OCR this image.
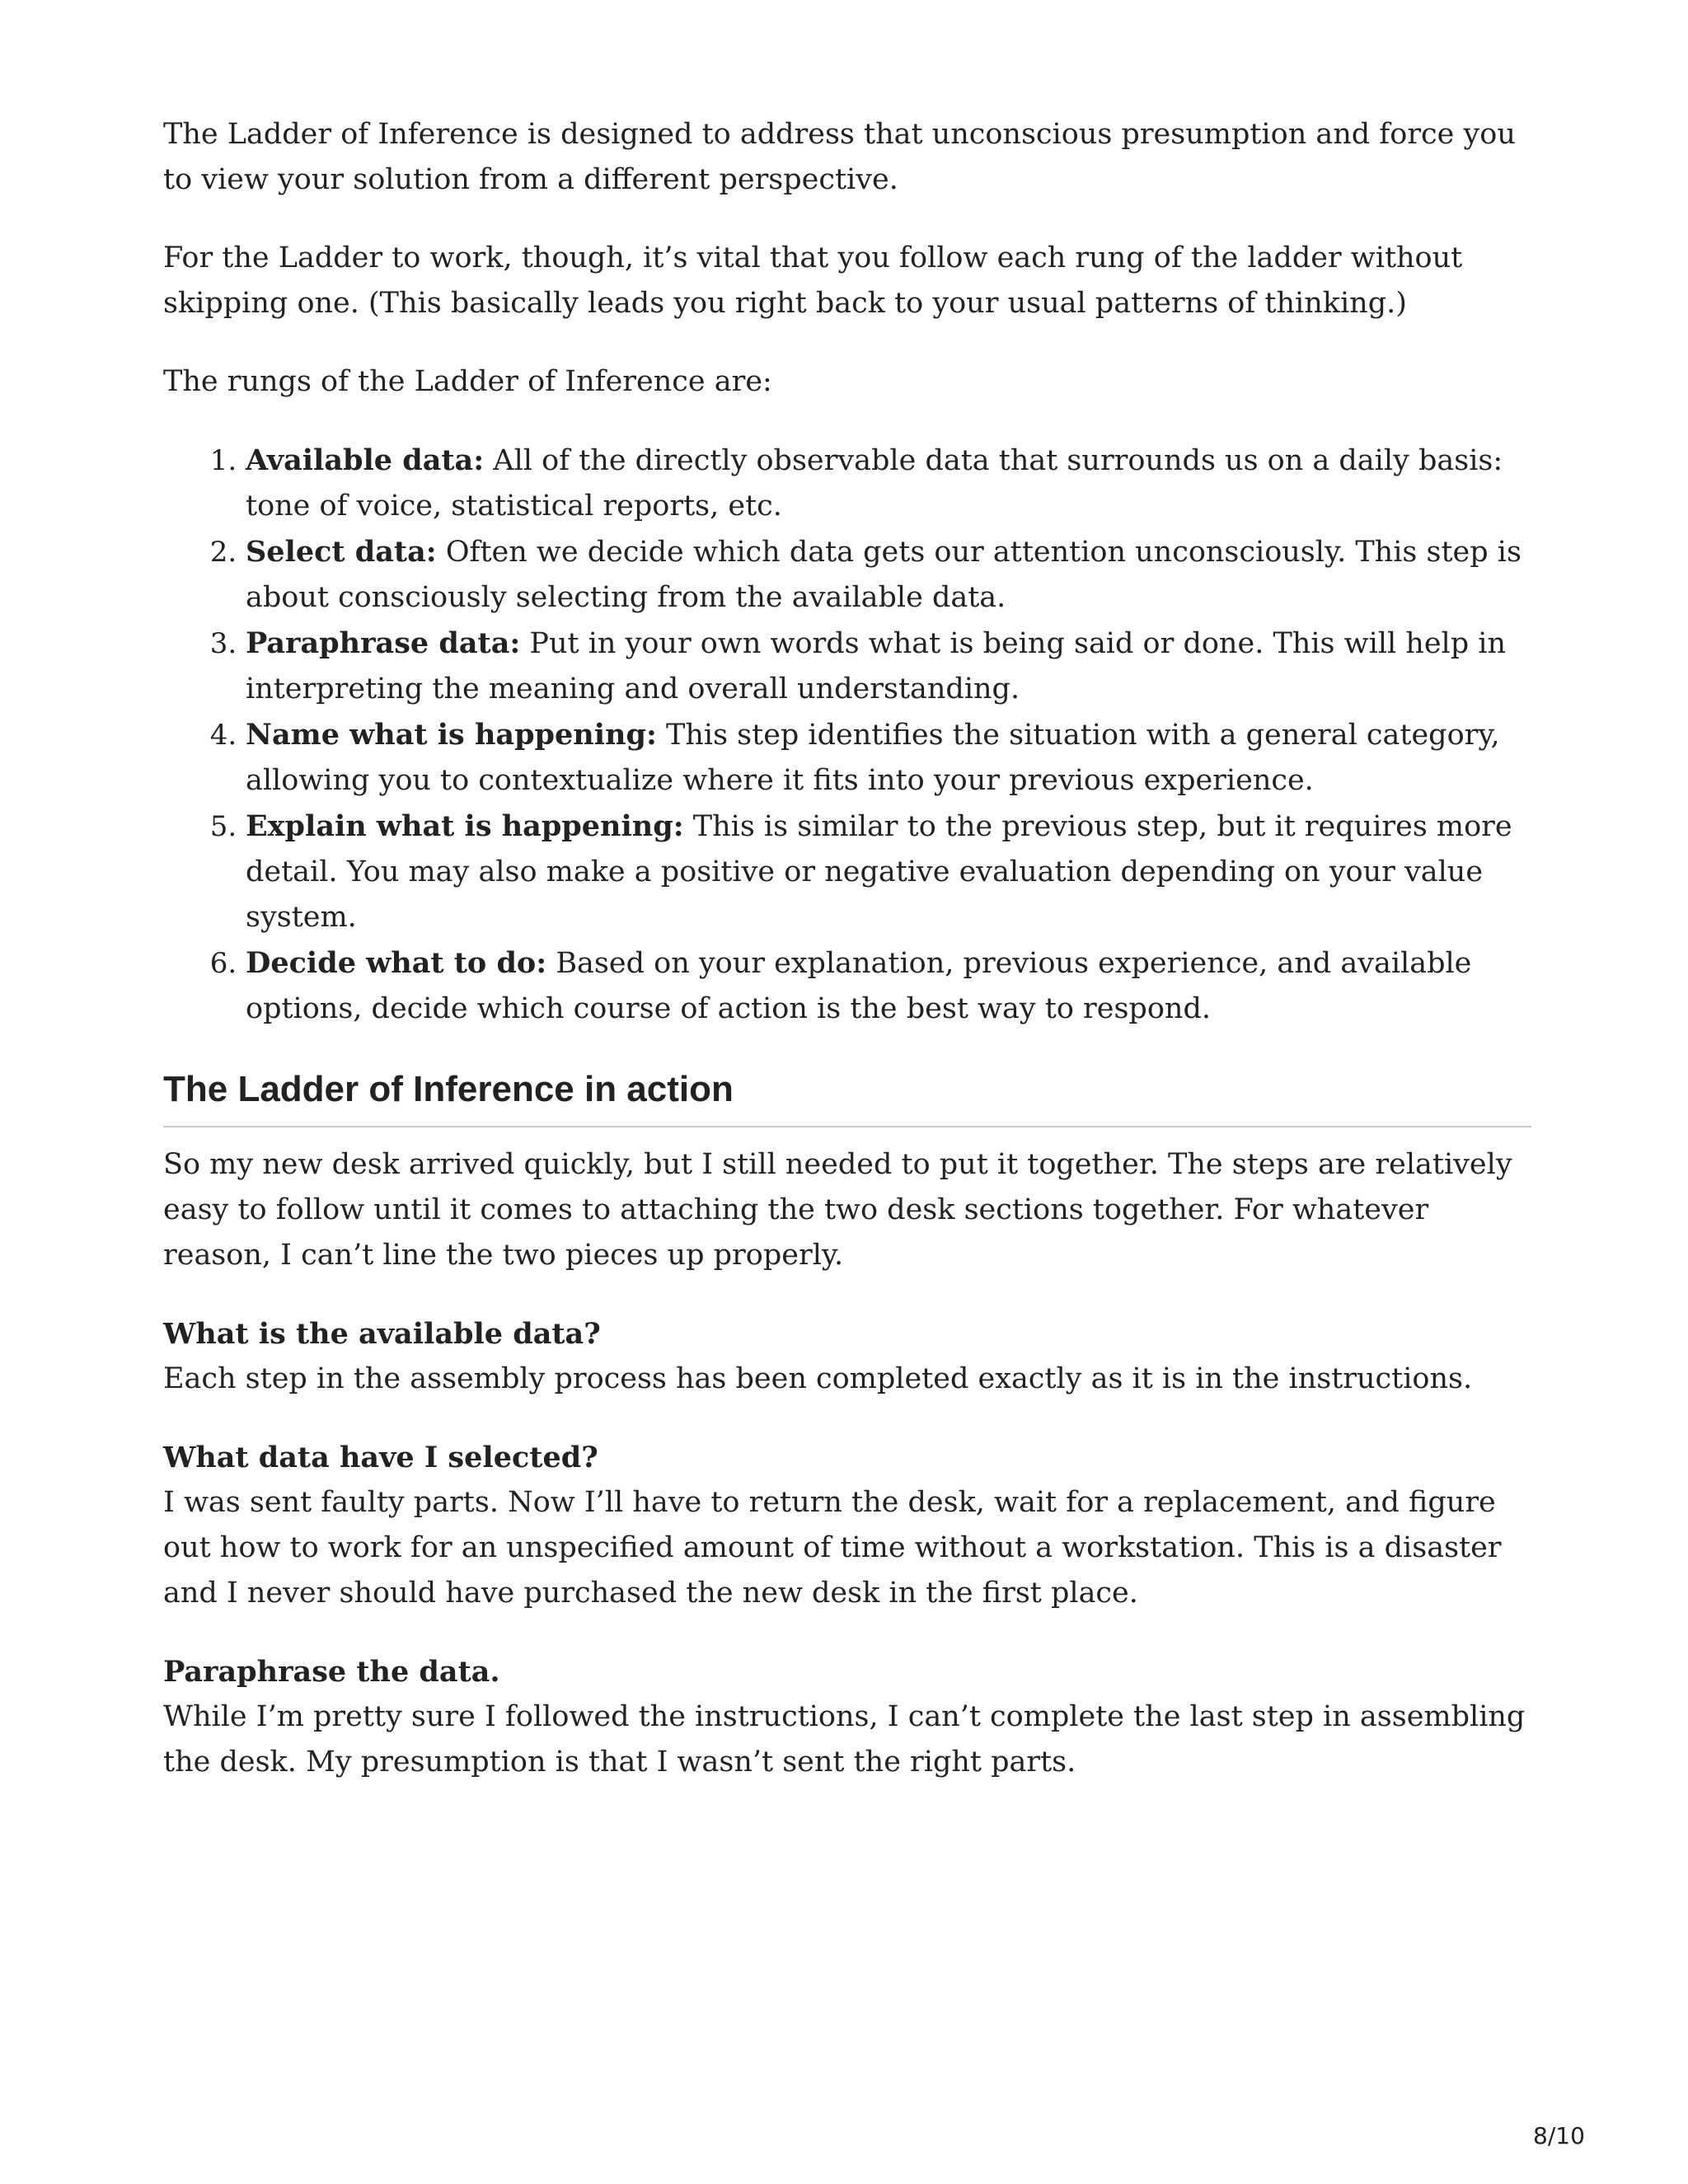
The Ladder of Inference is designed to address that unconscious presumption and force you to view your solution from a different perspective.

For the Ladder to work, though, it’s vital that you follow each rung of the ladder without skipping one. (This basically leads you right back to your usual patterns of thinking.)

The rungs of the Ladder of Inference are:

1. Available data: All of the directly observable data that surrounds us on a daily basis: tone of voice, statistical reports, etc.
2. Select data: Often we decide which data gets our attention unconsciously. This step is about consciously selecting from the available data.
3. Paraphrase data: Put in your own words what is being said or done. This will help in interpreting the meaning and overall understanding.
4. Name what is happening: This step identifies the situation with a general category, allowing you to contextualize where it fits into your previous experience.
5. Explain what is happening: This is similar to the previous step, but it requires more detail. You may also make a positive or negative evaluation depending on your value system.
6. Decide what to do: Based on your explanation, previous experience, and available options, decide which course of action is the best way to respond.
The Ladder of Inference in action

So my new desk arrived quickly, but I still needed to put it together. The steps are relatively easy to follow until it comes to attaching the two desk sections together. For whatever reason, I can’t line the two pieces up properly.

What is the available data?

Each step in the assembly process has been completed exactly as it is in the instructions.

What data have I selected?

I was sent faulty parts. Now I’ll have to return the desk, wait for a replacement, and figure out how to work for an unspecified amount of time without a workstation. This is a disaster and I never should have purchased the new desk in the first place.

Paraphrase the data.

While I’m pretty sure I followed the instructions, I can’t complete the last step in assembling the desk. My presumption is that I wasn’t sent the right parts.

8/10
